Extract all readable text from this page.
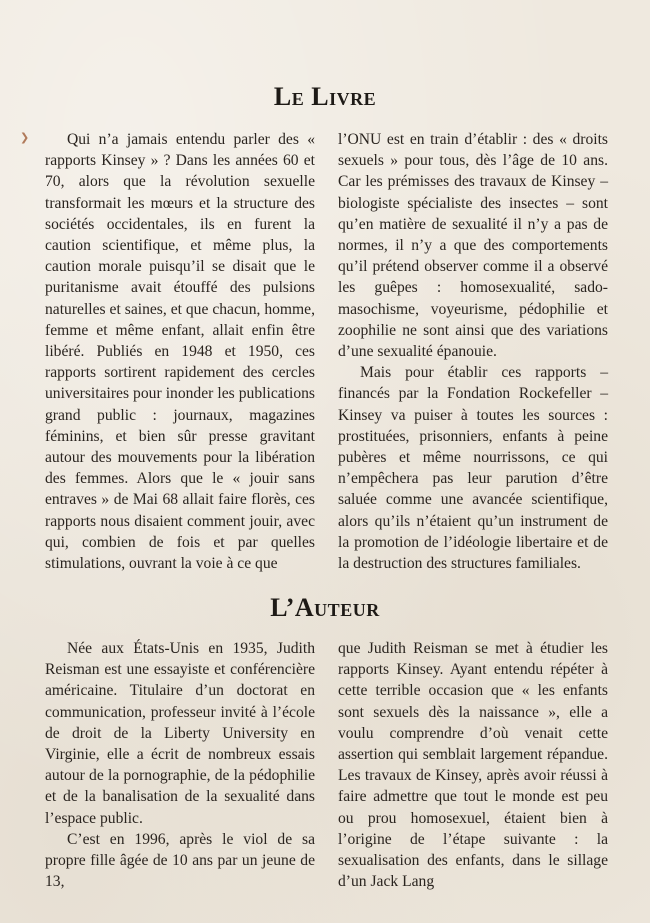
❯
Le Livre

Qui n’a jamais entendu parler des « rapports Kinsey » ? Dans les années 60 et 70, alors que la révolution sexuelle transformait les mœurs et la structure des sociétés occidentales, ils en furent la caution scientifique, et même plus, la caution morale puisqu’il se disait que le puritanisme avait étouffé des pulsions naturelles et saines, et que chacun, homme, femme et même enfant, allait enfin être libéré. Publiés en 1948 et 1950, ces rapports sortirent rapidement des cercles universitaires pour inonder les publications grand public : journaux, magazines féminins, et bien sûr presse gravitant autour des mouvements pour la libération des femmes. Alors que le « jouir sans entraves » de Mai 68 allait faire florès, ces rapports nous disaient comment jouir, avec qui, combien de fois et par quelles stimulations, ouvrant la voie à ce que

l’ONU est en train d’établir : des « droits sexuels » pour tous, dès l’âge de 10 ans. Car les prémisses des travaux de Kinsey – biologiste spécialiste des insectes – sont qu’en matière de sexualité il n’y a pas de normes, il n’y a que des comportements qu’il prétend observer comme il a observé les guêpes : homosexualité, sado-masochisme, voyeurisme, pédophilie et zoophilie ne sont ainsi que des variations d’une sexualité épanouie.

Mais pour établir ces rapports – financés par la Fondation Rockefeller – Kinsey va puiser à toutes les sources : prostituées, prisonniers, enfants à peine pubères et même nourrissons, ce qui n’empêchera pas leur parution d’être saluée comme une avancée scientifique, alors qu’ils n’étaient qu’un instrument de la promotion de l’idéologie libertaire et de la destruction des structures familiales.

L’Auteur

Née aux États-Unis en 1935, Judith Reisman est une essayiste et conférencière américaine. Titulaire d’un doctorat en communication, professeur invité à l’école de droit de la Liberty University en Virginie, elle a écrit de nombreux essais autour de la pornographie, de la pédophilie et de la banalisation de la sexualité dans l’espace public.

C’est en 1996, après le viol de sa propre fille âgée de 10 ans par un jeune de 13,

que Judith Reisman se met à étudier les rapports Kinsey. Ayant entendu répéter à cette terrible occasion que « les enfants sont sexuels dès la naissance », elle a voulu comprendre d’où venait cette assertion qui semblait largement répandue. Les travaux de Kinsey, après avoir réussi à faire admettre que tout le monde est peu ou prou homosexuel, étaient bien à l’origine de l’étape suivante : la sexualisation des enfants, dans le sillage d’un Jack Lang
